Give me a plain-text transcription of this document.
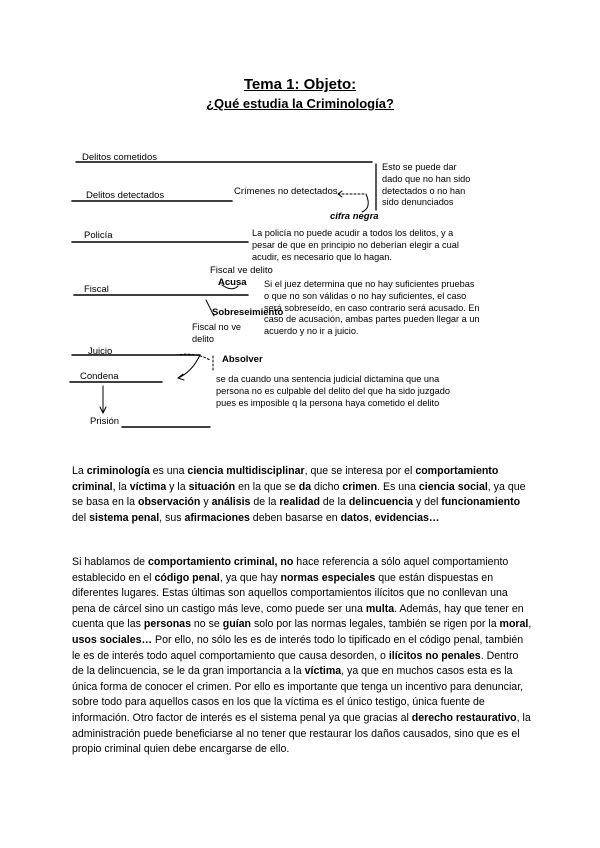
Tema 1: Objeto:
¿Qué estudia la Criminología?
Delitos cometidos
Delitos detectados	Crímenes no detectados
cifra negra
Policía
Fiscal
Fiscal ve delito
Acusa
Sobreseimiento
Fiscal no ve delito
Juicio
Absolver
Condena
Prisión
Esto se puede dar dado que no han sido detectados o no han sido denunciados
La policía no puede acudir a todos los delitos, y a pesar de que en principio no deberían elegir a cual acudir, es necesario que lo hagan.
Si el juez determina que no hay suficientes pruebas o que no son válidas o no hay suficientes, el caso será sobreseído, en caso contrario será acusado. En caso de acusación, ambas partes pueden llegar a un acuerdo y no ir a juicio.
se da cuando una sentencia judicial dictamina que una persona no es culpable del delito del que ha sido juzgado pues es imposible q la persona haya cometido el delito

La criminología es una ciencia multidisciplinar, que se interesa por el comportamiento criminal, la víctima y la situación en la que se da dicho crimen. Es una ciencia social, ya que se basa en la observación y análisis de la realidad de la delincuencia y del funcionamiento del sistema penal, sus afirmaciones deben basarse en datos, evidencias…

Si hablamos de comportamiento criminal, no hace referencia a sólo aquel comportamiento establecido en el código penal, ya que hay normas especiales que están dispuestas en diferentes lugares. Estas últimas son aquellos comportamientos ilícitos que no conllevan una pena de cárcel sino un castigo más leve, como puede ser una multa. Además, hay que tener en cuenta que las personas no se guían solo por las normas legales, también se rigen por la moral, usos sociales… Por ello, no sólo les es de interés todo lo tipificado en el código penal, también le es de interés todo aquel comportamiento que causa desorden, o ilícitos no penales. Dentro de la delincuencia, se le da gran importancia a la víctima, ya que en muchos casos esta es la única forma de conocer el crimen. Por ello es importante que tenga un incentivo para denunciar, sobre todo para aquellos casos en los que la víctima es el único testigo, única fuente de información. Otro factor de interés es el sistema penal ya que gracias al derecho restaurativo, la administración puede beneficiarse al no tener que restaurar los daños causados, sino que es el propio criminal quien debe encargarse de ello.
